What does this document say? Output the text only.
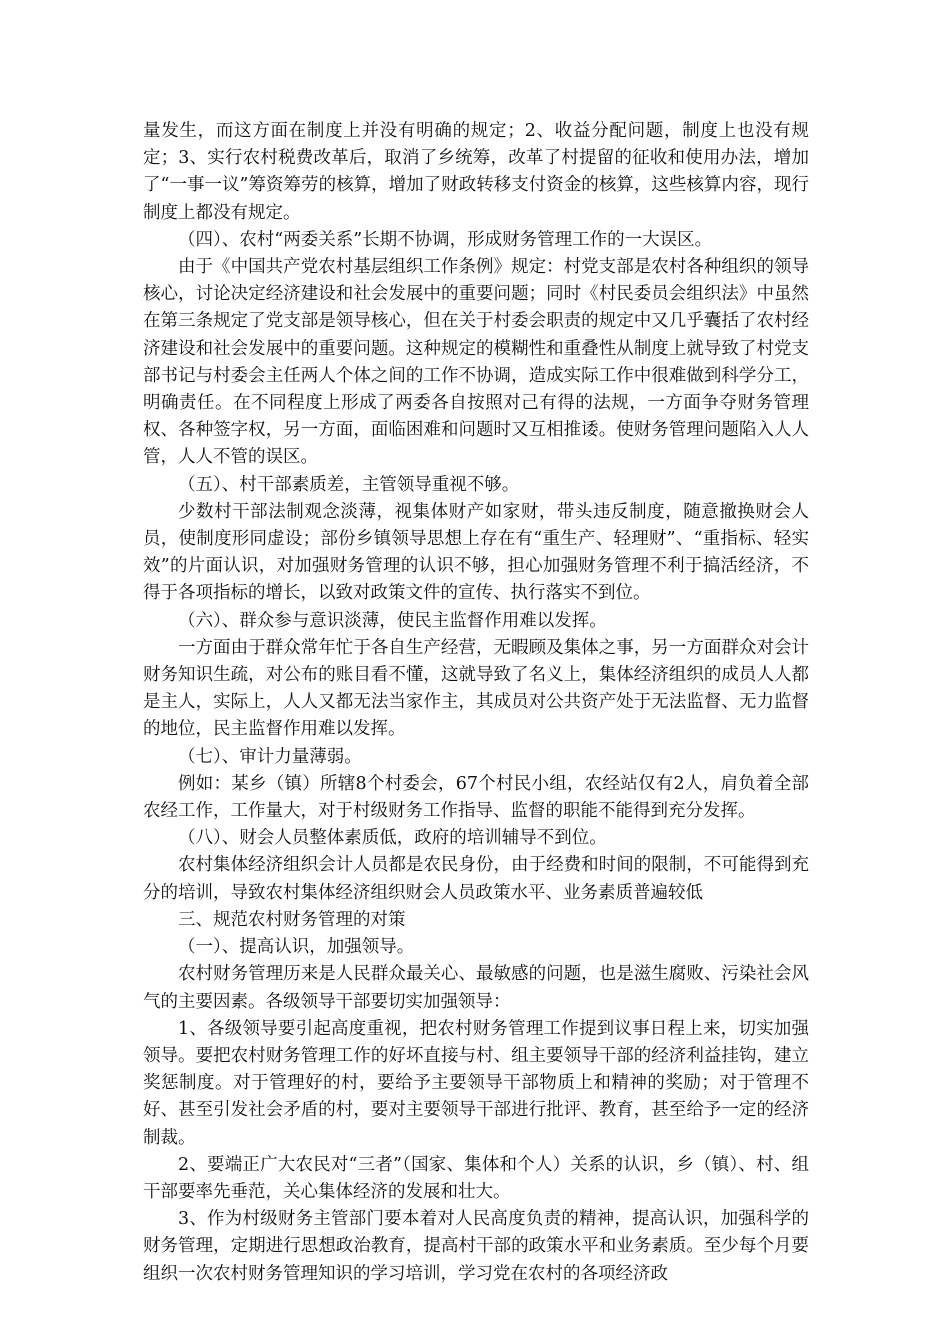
量发生，而这方面在制度上并没有明确的规定；2、收益分配问题，制度上也没有规定；3、实行农村税费改革后，取消了乡统筹，改革了村提留的征收和使用办法，增加了“一事一议”筹资筹劳的核算，增加了财政转移支付资金的核算，这些核算内容，现行制度上都没有规定。

（四）、农村“两委关系”长期不协调，形成财务管理工作的一大误区。

由于《中国共产党农村基层组织工作条例》规定：村党支部是农村各种组织的领导核心，讨论决定经济建设和社会发展中的重要问题；同时《村民委员会组织法》中虽然在第三条规定了党支部是领导核心，但在关于村委会职责的规定中又几乎囊括了农村经济建设和社会发展中的重要问题。这种规定的模糊性和重叠性从制度上就导致了村党支部书记与村委会主任两人个体之间的工作不协调，造成实际工作中很难做到科学分工，明确责任。在不同程度上形成了两委各自按照对己有得的法规，一方面争夺财务管理权、各种签字权，另一方面，面临困难和问题时又互相推诿。使财务管理问题陷入人人管，人人不管的误区。

（五）、村干部素质差，主管领导重视不够。

少数村干部法制观念淡薄，视集体财产如家财，带头违反制度，随意撤换财会人员，使制度形同虚设；部份乡镇领导思想上存在有“重生产、轻理财”、“重指标、轻实效”的片面认识，对加强财务管理的认识不够，担心加强财务管理不利于搞活经济，不得于各项指标的增长，以致对政策文件的宣传、执行落实不到位。

（六）、群众参与意识淡薄，使民主监督作用难以发挥。

一方面由于群众常年忙于各自生产经营，无暇顾及集体之事，另一方面群众对会计财务知识生疏，对公布的账目看不懂，这就导致了名义上，集体经济组织的成员人人都是主人，实际上，人人又都无法当家作主，其成员对公共资产处于无法监督、无力监督的地位，民主监督作用难以发挥。

（七）、审计力量薄弱。

例如：某乡（镇）所辖8个村委会，67个村民小组，农经站仅有2人，肩负着全部农经工作，工作量大，对于村级财务工作指导、监督的职能不能得到充分发挥。

（八）、财会人员整体素质低，政府的培训辅导不到位。

农村集体经济组织会计人员都是农民身份，由于经费和时间的限制，不可能得到充分的培训，导致农村集体经济组织财会人员政策水平、业务素质普遍较低

三、规范农村财务管理的对策

（一）、提高认识，加强领导。

农村财务管理历来是人民群众最关心、最敏感的问题，也是滋生腐败、污染社会风气的主要因素。各级领导干部要切实加强领导：

1、各级领导要引起高度重视，把农村财务管理工作提到议事日程上来，切实加强领导。要把农村财务管理工作的好坏直接与村、组主要领导干部的经济利益挂钩，建立奖惩制度。对于管理好的村，要给予主要领导干部物质上和精神的奖励；对于管理不好、甚至引发社会矛盾的村，要对主要领导干部进行批评、教育，甚至给予一定的经济制裁。

2、要端正广大农民对“三者”（国家、集体和个人）关系的认识，乡（镇）、村、组干部要率先垂范，关心集体经济的发展和壮大。

3、作为村级财务主管部门要本着对人民高度负责的精神，提高认识，加强科学的财务管理，定期进行思想政治教育，提高村干部的政策水平和业务素质。至少每个月要组织一次农村财务管理知识的学习培训，学习党在农村的各项经济政
